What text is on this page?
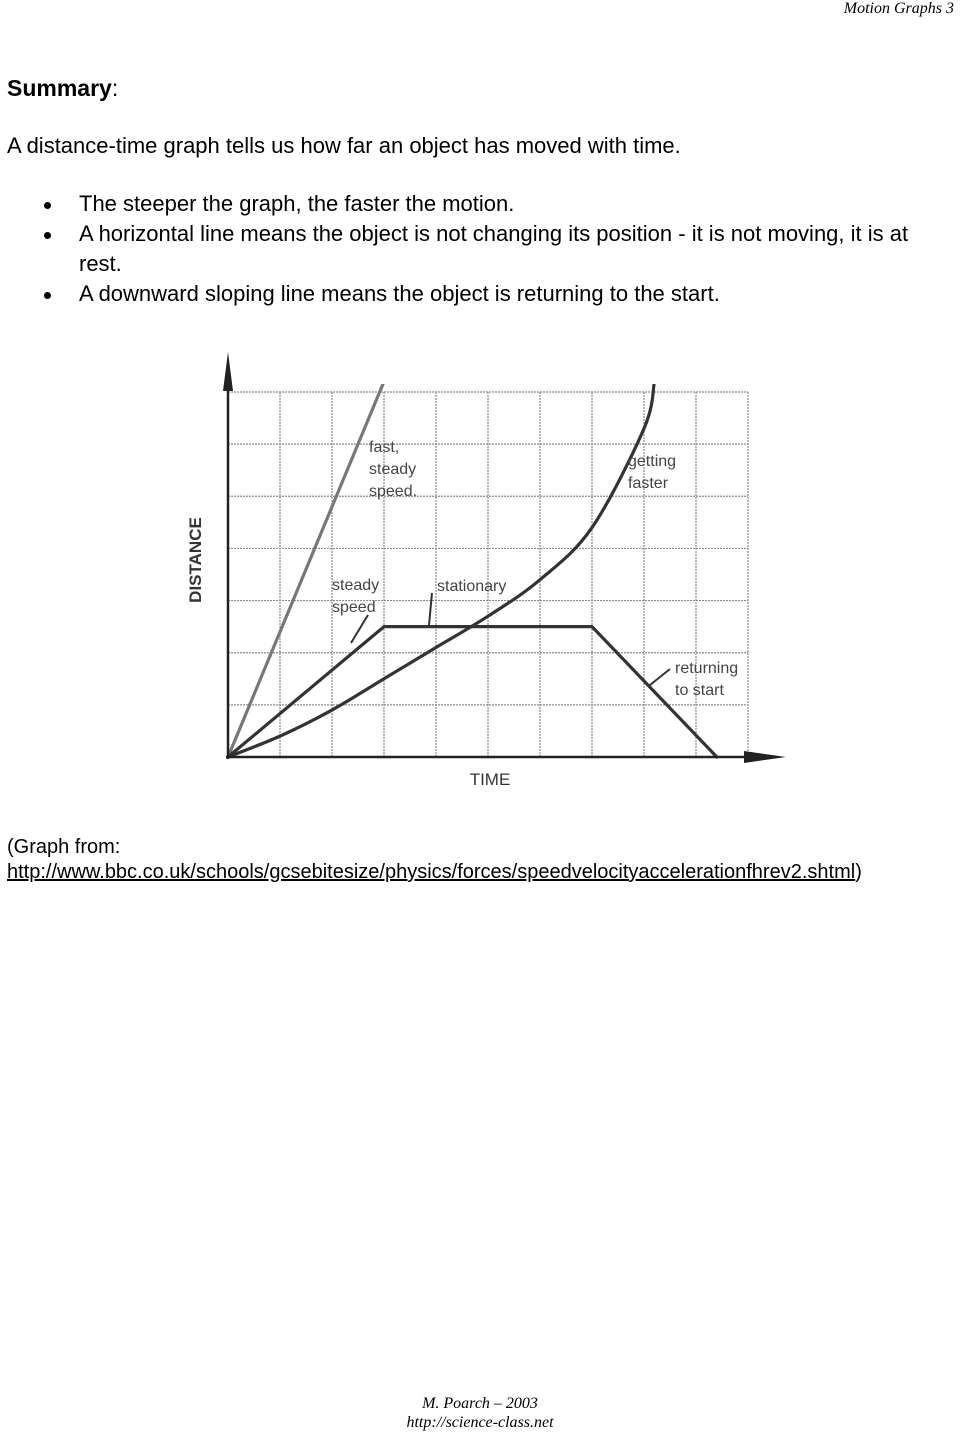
Motion Graphs 3
Summary:
A distance-time graph tells us how far an object has moved with time.
The steeper the graph, the faster the motion.
A horizontal line means the object is not changing its position - it is not moving, it is at rest.
A downward sloping line means the object is returning to the start.
TIME
DISTANCE
fast, steady speed.
getting faster
steady speed
stationary
returning to start
(Graph from:
http://www.bbc.co.uk/schools/gcsebitesize/physics/forces/speedvelocityaccelerationfhrev2.shtml)
M. Poarch – 2003
http://science-class.net
